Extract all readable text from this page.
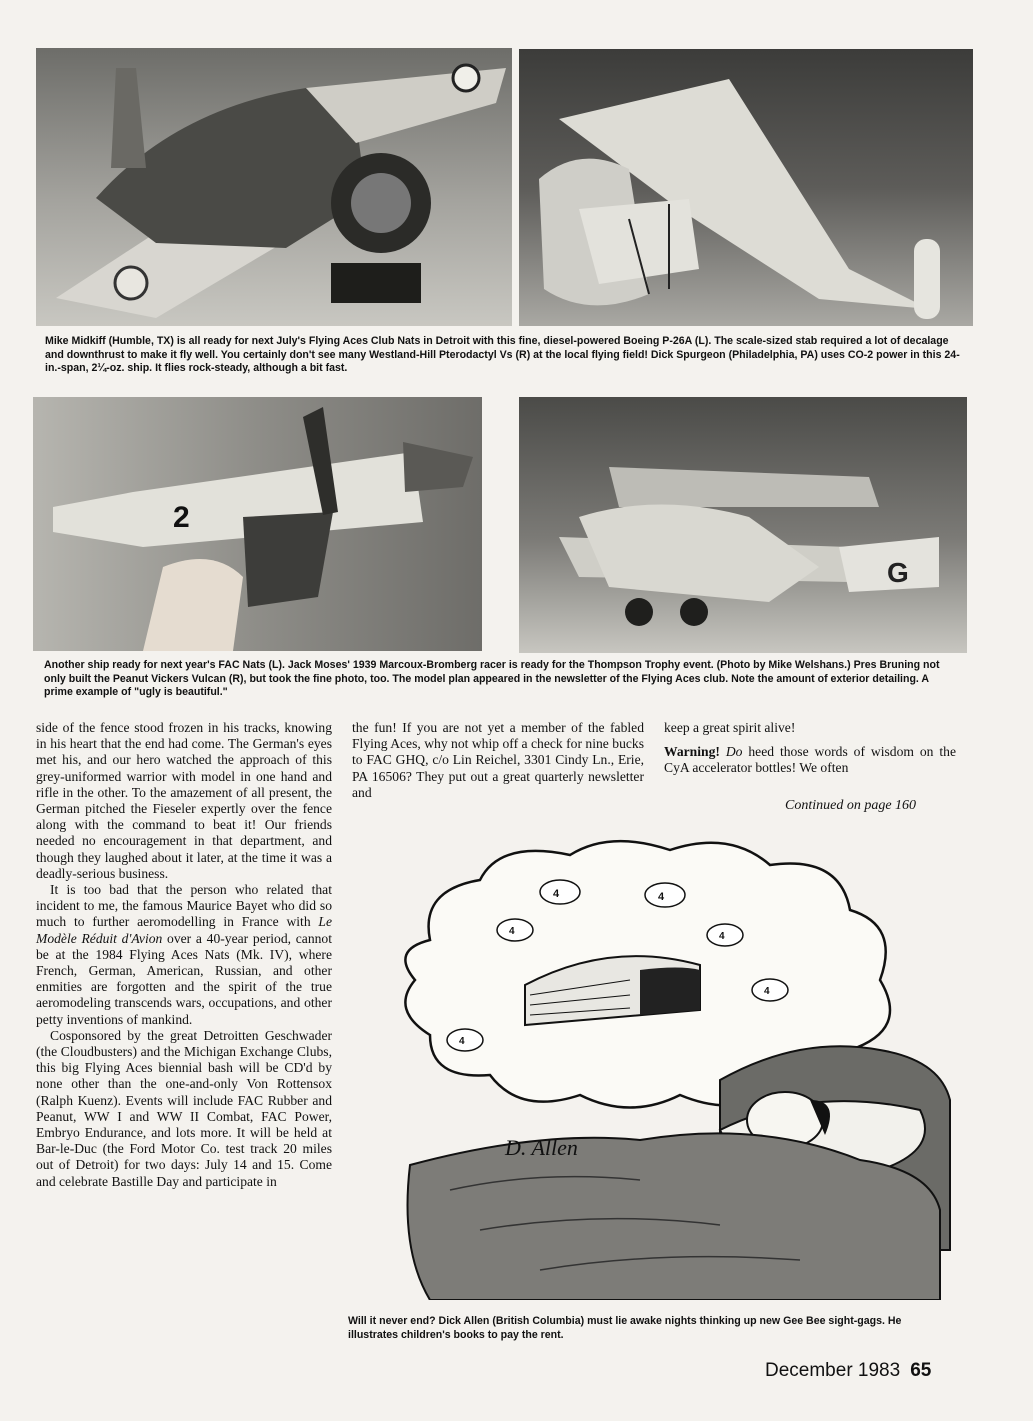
Mike Midkiff (Humble, TX) is all ready for next July's Flying Aces Club Nats in Detroit with this fine, diesel-powered Boeing P-26A (L). The scale-sized stab required a lot of decalage and downthrust to make it fly well. You certainly don't see many Westland-Hill Pterodactyl Vs (R) at the local flying field! Dick Spurgeon (Philadelphia, PA) uses CO-2 power in this 24-in.-span, 2¼-oz. ship. It flies rock-steady, although a bit fast.

2
G

Another ship ready for next year's FAC Nats (L). Jack Moses' 1939 Marcoux-Bromberg racer is ready for the Thompson Trophy event. (Photo by Mike Welshans.) Pres Bruning not only built the Peanut Vickers Vulcan (R), but took the fine photo, too. The model plan appeared in the newsletter of the Flying Aces club. Note the amount of exterior detailing. A prime example of "ugly is beautiful."

side of the fence stood frozen in his tracks, knowing in his heart that the end had come. The German's eyes met his, and our hero watched the approach of this grey-uniformed warrior with model in one hand and rifle in the other. To the amazement of all present, the German pitched the Fieseler expertly over the fence along with the command to beat it! Our friends needed no encouragement in that department, and though they laughed about it later, at the time it was a deadly-serious business.

It is too bad that the person who related that incident to me, the famous Maurice Bayet who did so much to further aeromodelling in France with Le Modèle Réduit d'Avion over a 40-year period, cannot be at the 1984 Flying Aces Nats (Mk. IV), where French, German, American, Russian, and other enmities are forgotten and the spirit of the true aeromodeling transcends wars, occupations, and other petty inventions of mankind.

Cosponsored by the great Detroitten Geschwader (the Cloudbusters) and the Michigan Exchange Clubs, this big Flying Aces biennial bash will be CD'd by none other than the one-and-only Von Rottensox (Ralph Kuenz). Events will include FAC Rubber and Peanut, WW I and WW II Combat, FAC Power, Embryo Endurance, and lots more. It will be held at Bar-le-Duc (the Ford Motor Co. test track 20 miles out of Detroit) for two days: July 14 and 15. Come and celebrate Bastille Day and participate in

the fun! If you are not yet a member of the fabled Flying Aces, why not whip off a check for nine bucks to FAC GHQ, c/o Lin Reichel, 3301 Cindy Ln., Erie, PA 16506? They put out a great quarterly newsletter and

keep a great spirit alive!

Warning! Do heed those words of wisdom on the CyA accelerator bottles! We often

Continued on page 160
4	4
4	4
4
4
D. Allen

Will it never end? Dick Allen (British Columbia) must lie awake nights thinking up new Gee Bee sight-gags. He illustrates children's books to pay the rent.

December 1983 65
